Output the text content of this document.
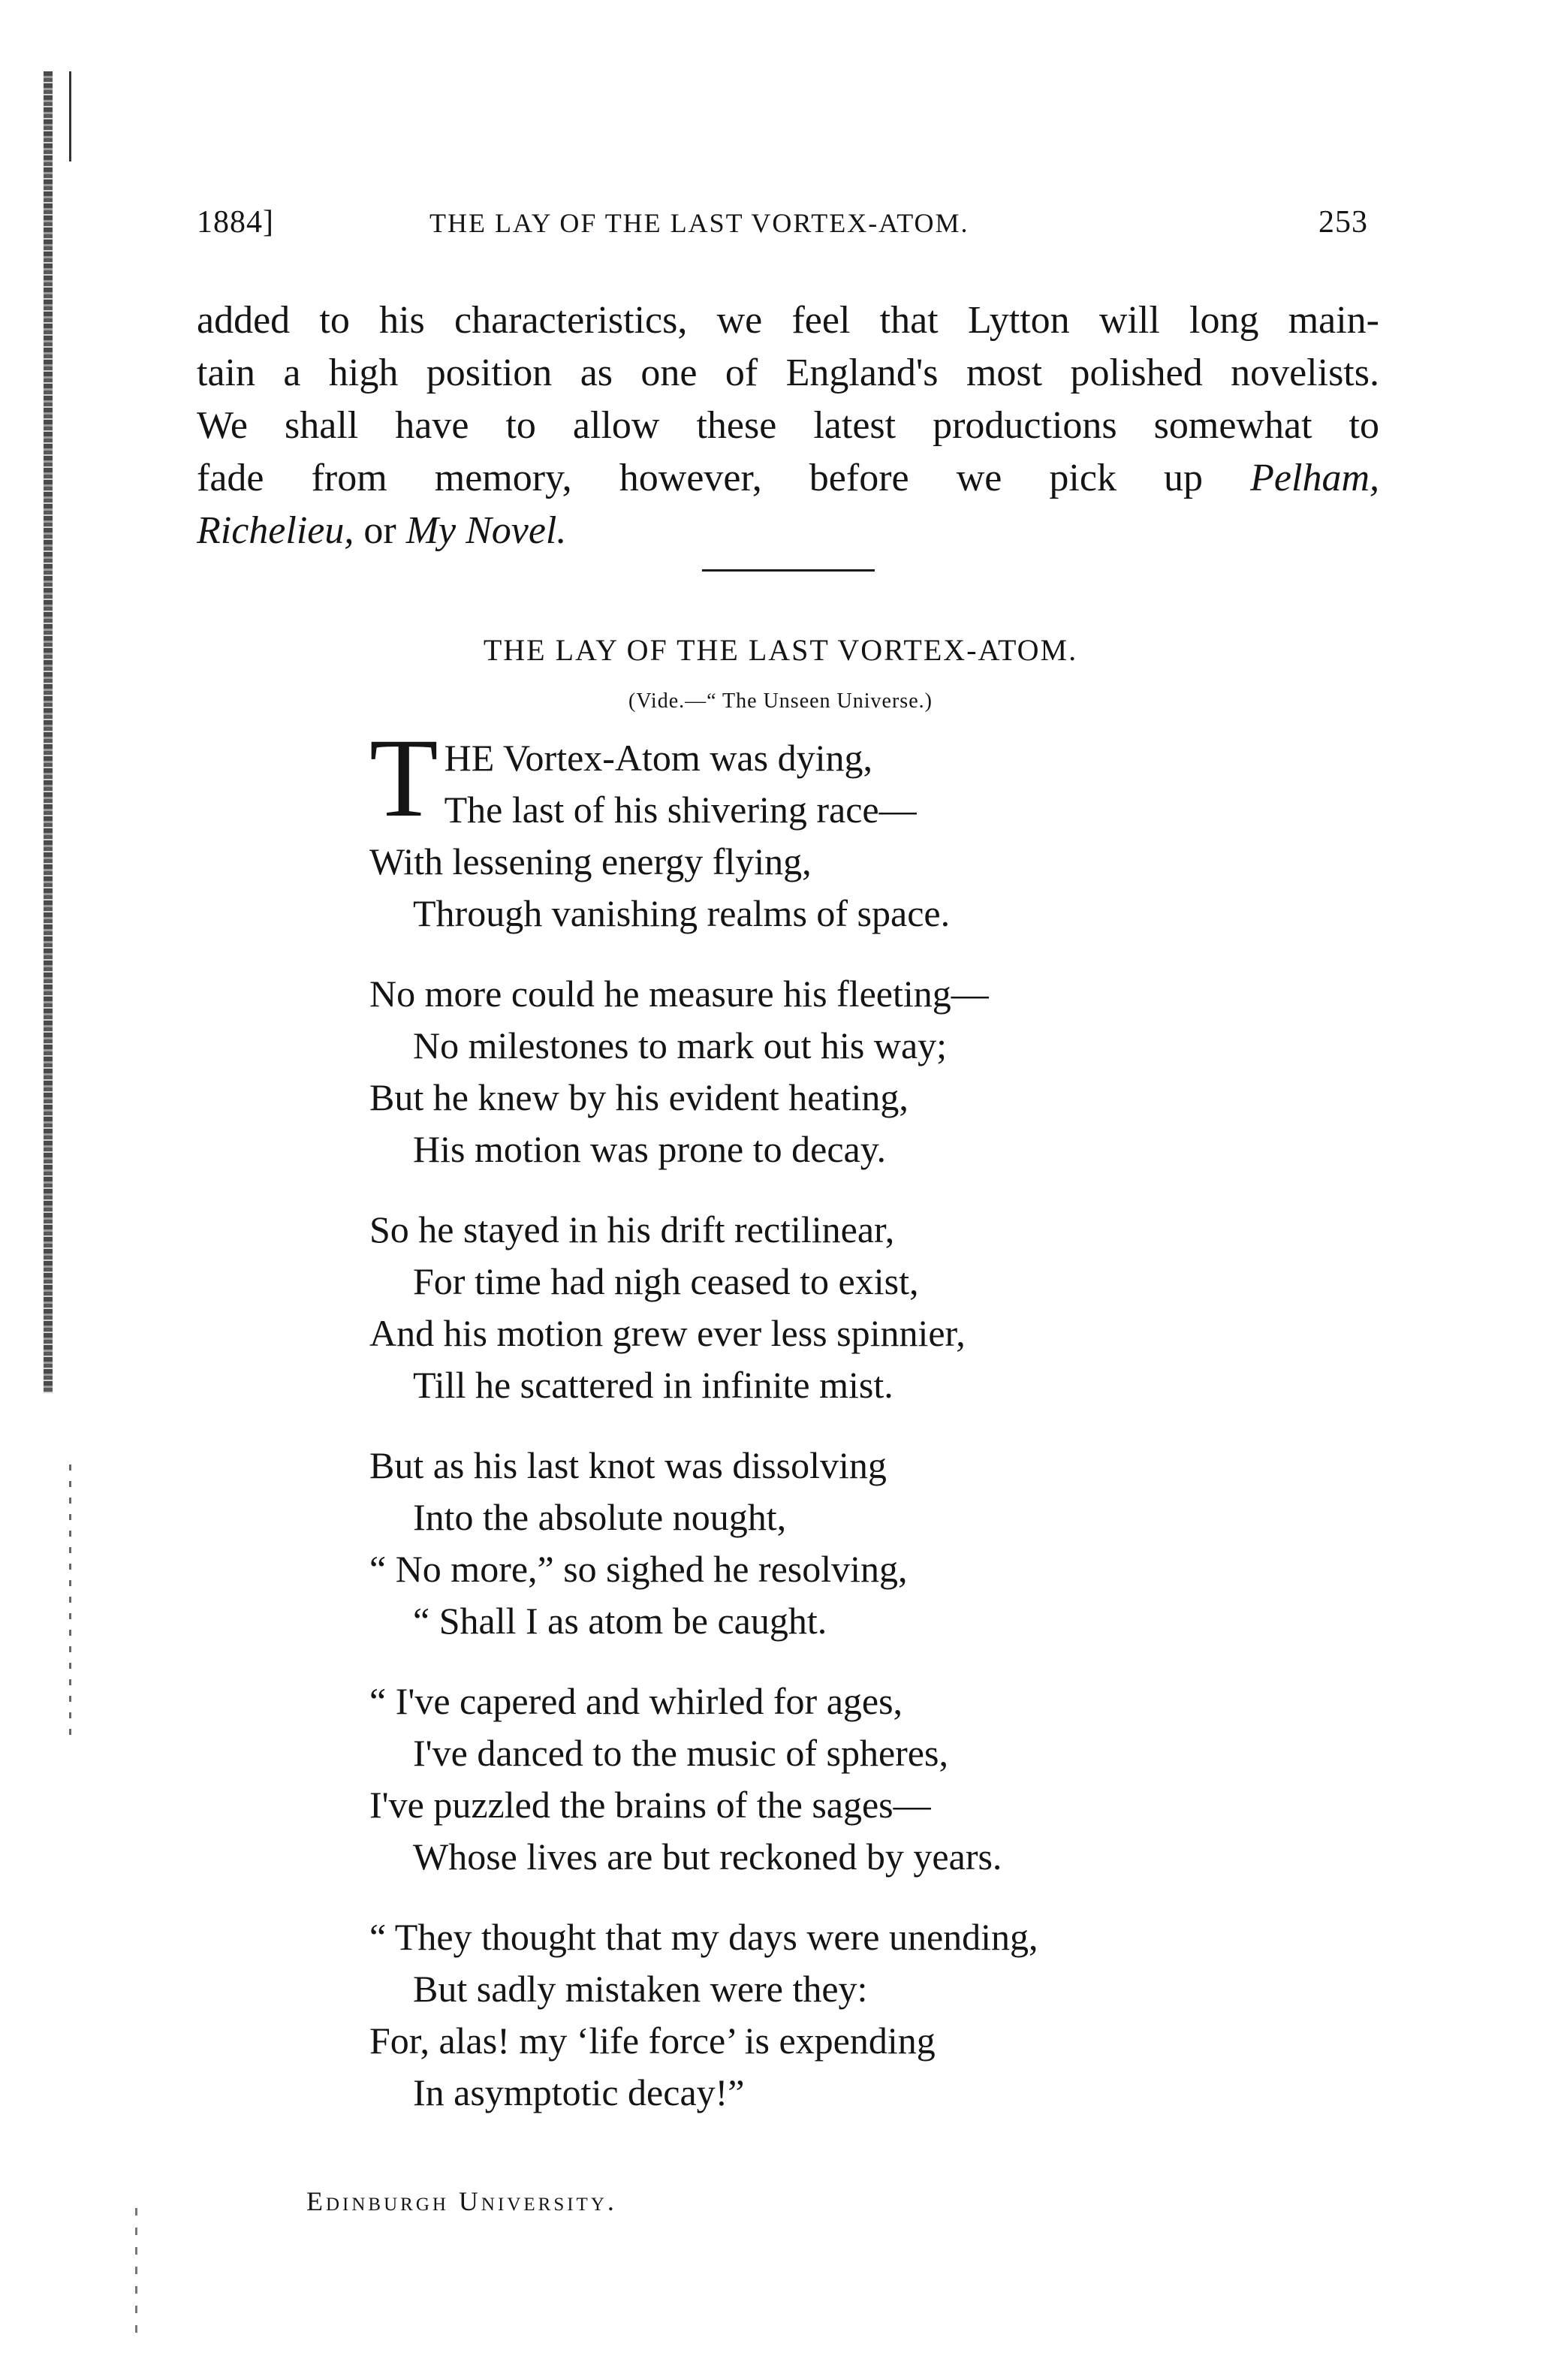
1884]	THE LAY OF THE LAST VORTEX-ATOM.	253
added to his characteristics, we feel that Lytton will long main-
tain a high position as one of England's most polished novelists.
We shall have to allow these latest productions somewhat to
fade from memory, however, before we pick up Pelham,
Richelieu, or My Novel.
THE LAY OF THE LAST VORTEX-ATOM.
(Vide.—“ The Unseen Universe.)
T HE Vortex-Atom was dying,
The last of his shivering race—
With lessening energy flying,
Through vanishing realms of space.
No more could he measure his fleeting—
No milestones to mark out his way;
But he knew by his evident heating,
His motion was prone to decay.
So he stayed in his drift rectilinear,
For time had nigh ceased to exist,
And his motion grew ever less spinnier,
Till he scattered in infinite mist.
But as his last knot was dissolving
Into the absolute nought,
“ No more,” so sighed he resolving,
“ Shall I as atom be caught.
“ I've capered and whirled for ages,
I've danced to the music of spheres,
I've puzzled the brains of the sages—
Whose lives are but reckoned by years.
“ They thought that my days were unending,
But sadly mistaken were they:
For, alas! my ‘life force’ is expending
In asymptotic decay!”
Edinburgh University.
